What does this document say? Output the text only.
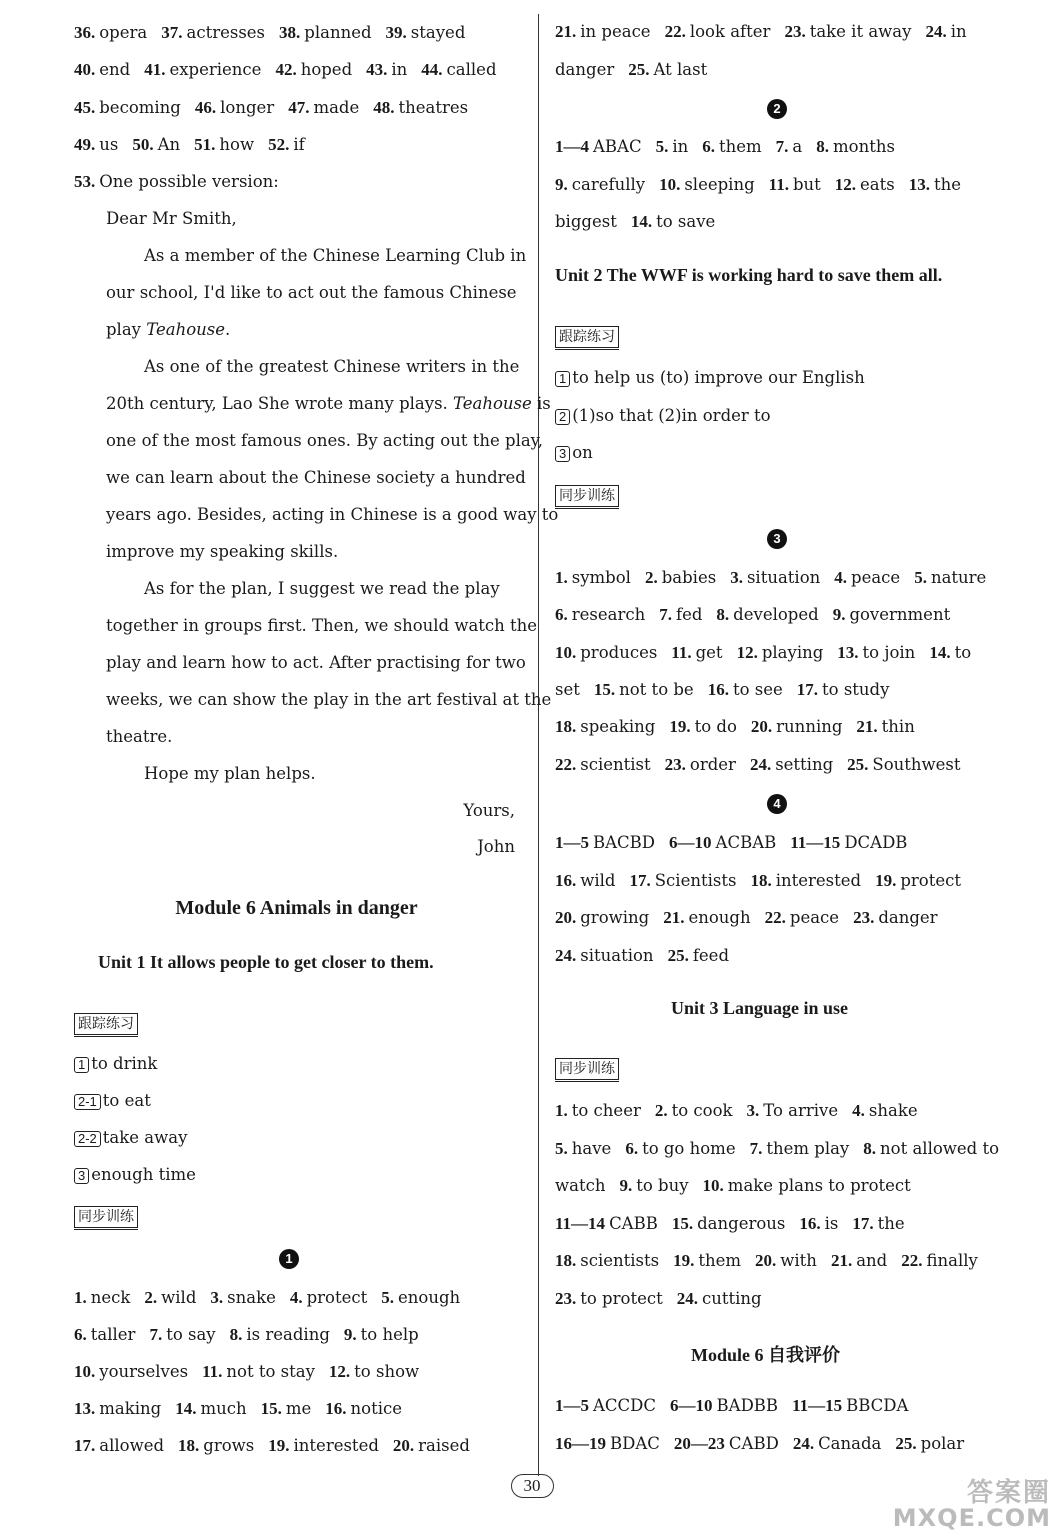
36. opera 37. actresses 38. planned 39. stayed
40. end 41. experience 42. hoped 43. in 44. called
45. becoming 46. longer 47. made 48. theatres
49. us 50. An 51. how 52. if
53. One possible version:
Dear Mr Smith,
As a member of the Chinese Learning Club in
our school, I'd like to act out the famous Chinese
play Teahouse.
As one of the greatest Chinese writers in the
20th century, Lao She wrote many plays. Teahouse is
one of the most famous ones. By acting out the play,
we can learn about the Chinese society a hundred
years ago. Besides, acting in Chinese is a good way to
improve my speaking skills.
As for the plan, I suggest we read the play
together in groups first. Then, we should watch the
play and learn how to act. After practising for two
weeks, we can show the play in the art festival at the
theatre.
Hope my plan helps.
Yours,
John
Module 6 Animals in danger
Unit 1 It allows people to get closer to them.
跟踪练习
1 to drink
2-1 to eat
2-2 take away
3 enough time
同步训练
1
1. neck 2. wild 3. snake 4. protect 5. enough
6. taller 7. to say 8. is reading 9. to help
10. yourselves 11. not to stay 12. to show
13. making 14. much 15. me 16. notice
17. allowed 18. grows 19. interested 20. raised
21. in peace 22. look after 23. take it away 24. in
danger 25. At last
2
1—4 ABAC 5. in 6. them 7. a 8. months
9. carefully 10. sleeping 11. but 12. eats 13. the
biggest 14. to save
Unit 2 The WWF is working hard to save them all.
跟踪练习
1 to help us (to) improve our English
2 (1)so that (2)in order to
3 on
同步训练
3
1. symbol 2. babies 3. situation 4. peace 5. nature
6. research 7. fed 8. developed 9. government
10. produces 11. get 12. playing 13. to join 14. to
set 15. not to be 16. to see 17. to study
18. speaking 19. to do 20. running 21. thin
22. scientist 23. order 24. setting 25. Southwest
4
1—5 BACBD 6—10 ACBAB 11—15 DCADB
16. wild 17. Scientists 18. interested 19. protect
20. growing 21. enough 22. peace 23. danger
24. situation 25. feed
Unit 3 Language in use
同步训练
1. to cheer 2. to cook 3. To arrive 4. shake
5. have 6. to go home 7. them play 8. not allowed to
watch 9. to buy 10. make plans to protect
11—14 CABB 15. dangerous 16. is 17. the
18. scientists 19. them 20. with 21. and 22. finally
23. to protect 24. cutting
Module 6 自我评价
1—5 ACCDC 6—10 BADBB 11—15 BBCDA
16—19 BDAC 20—23 CABD 24. Canada 25. polar
30	答案圈
MXQE.COM
